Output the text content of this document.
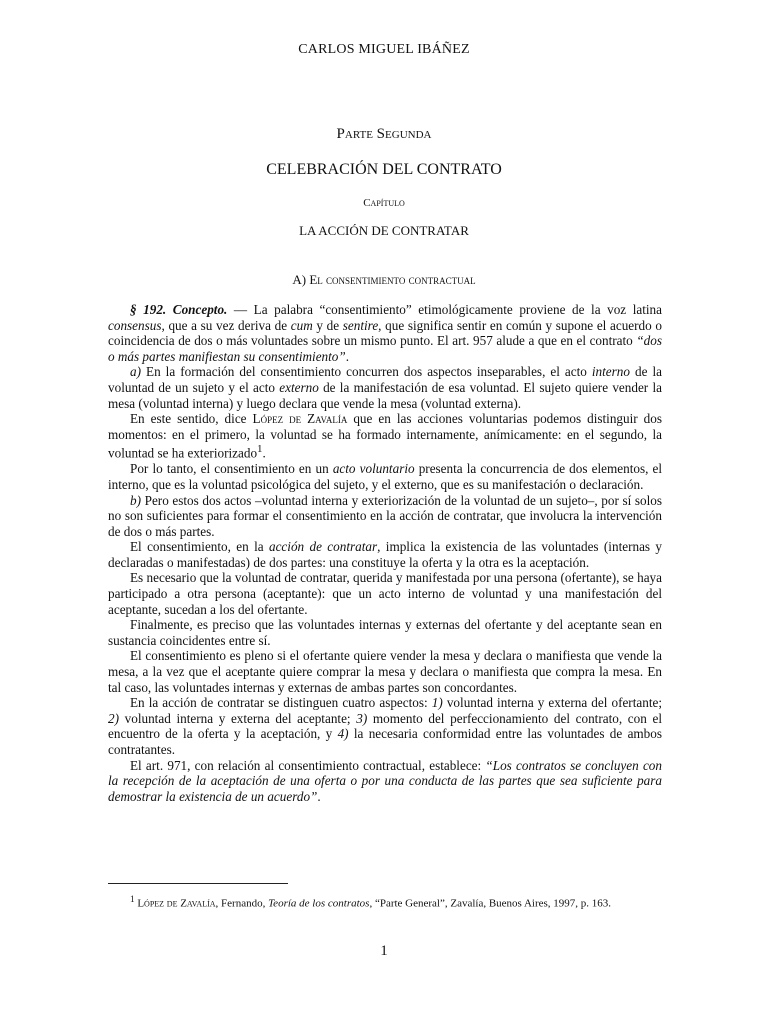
CARLOS MIGUEL IBÁÑEZ
Parte Segunda
CELEBRACIÓN DEL CONTRATO
Capítulo
LA ACCIÓN DE CONTRATAR
A) El consentimiento contractual

§ 192. Concepto. — La palabra “consentimiento” etimológicamente proviene de la voz latina consensus, que a su vez deriva de cum y de sentire, que significa sentir en común y supone el acuerdo o coincidencia de dos o más voluntades sobre un mismo punto. El art. 957 alude a que en el contrato “dos o más partes manifiestan su consentimiento”.

a) En la formación del consentimiento concurren dos aspectos inseparables, el acto interno de la voluntad de un sujeto y el acto externo de la manifestación de esa voluntad. El sujeto quiere vender la mesa (voluntad interna) y luego declara que vende la mesa (voluntad externa).

En este sentido, dice López de Zavalía que en las acciones voluntarias podemos distinguir dos momentos: en el primero, la voluntad se ha formado internamente, anímicamente: en el segundo, la voluntad se ha exteriorizado$^1$.

Por lo tanto, el consentimiento en un acto voluntario presenta la concurrencia de dos elementos, el interno, que es la voluntad psicológica del sujeto, y el externo, que es su manifestación o declaración.

b) Pero estos dos actos –voluntad interna y exteriorización de la voluntad de un sujeto–, por sí solos no son suficientes para formar el consentimiento en la acción de contratar, que involucra la intervención de dos o más partes.

El consentimiento, en la acción de contratar, implica la existencia de las voluntades (internas y declaradas o manifestadas) de dos partes: una constituye la oferta y la otra es la aceptación.

Es necesario que la voluntad de contratar, querida y manifestada por una persona (ofertante), se haya participado a otra persona (aceptante): que un acto interno de voluntad y una manifestación del aceptante, sucedan a los del ofertante.

Finalmente, es preciso que las voluntades internas y externas del ofertante y del aceptante sean en sustancia coincidentes entre sí.

El consentimiento es pleno si el ofertante quiere vender la mesa y declara o manifiesta que vende la mesa, a la vez que el aceptante quiere comprar la mesa y declara o manifiesta que compra la mesa. En tal caso, las voluntades internas y externas de ambas partes son concordantes.

En la acción de contratar se distinguen cuatro aspectos: 1) voluntad interna y externa del ofertante; 2) voluntad interna y externa del aceptante; 3) momento del perfeccionamiento del contrato, con el encuentro de la oferta y la aceptación, y 4) la necesaria conformidad entre las voluntades de ambos contratantes.

El art. 971, con relación al consentimiento contractual, establece: “Los contratos se concluyen con la recepción de la aceptación de una oferta o por una conducta de las partes que sea suficiente para demostrar la existencia de un acuerdo”.

$^1$ López de Zavalía, Fernando, Teoría de los contratos, “Parte General”, Zavalía, Buenos Aires, 1997, p. 163.
1
